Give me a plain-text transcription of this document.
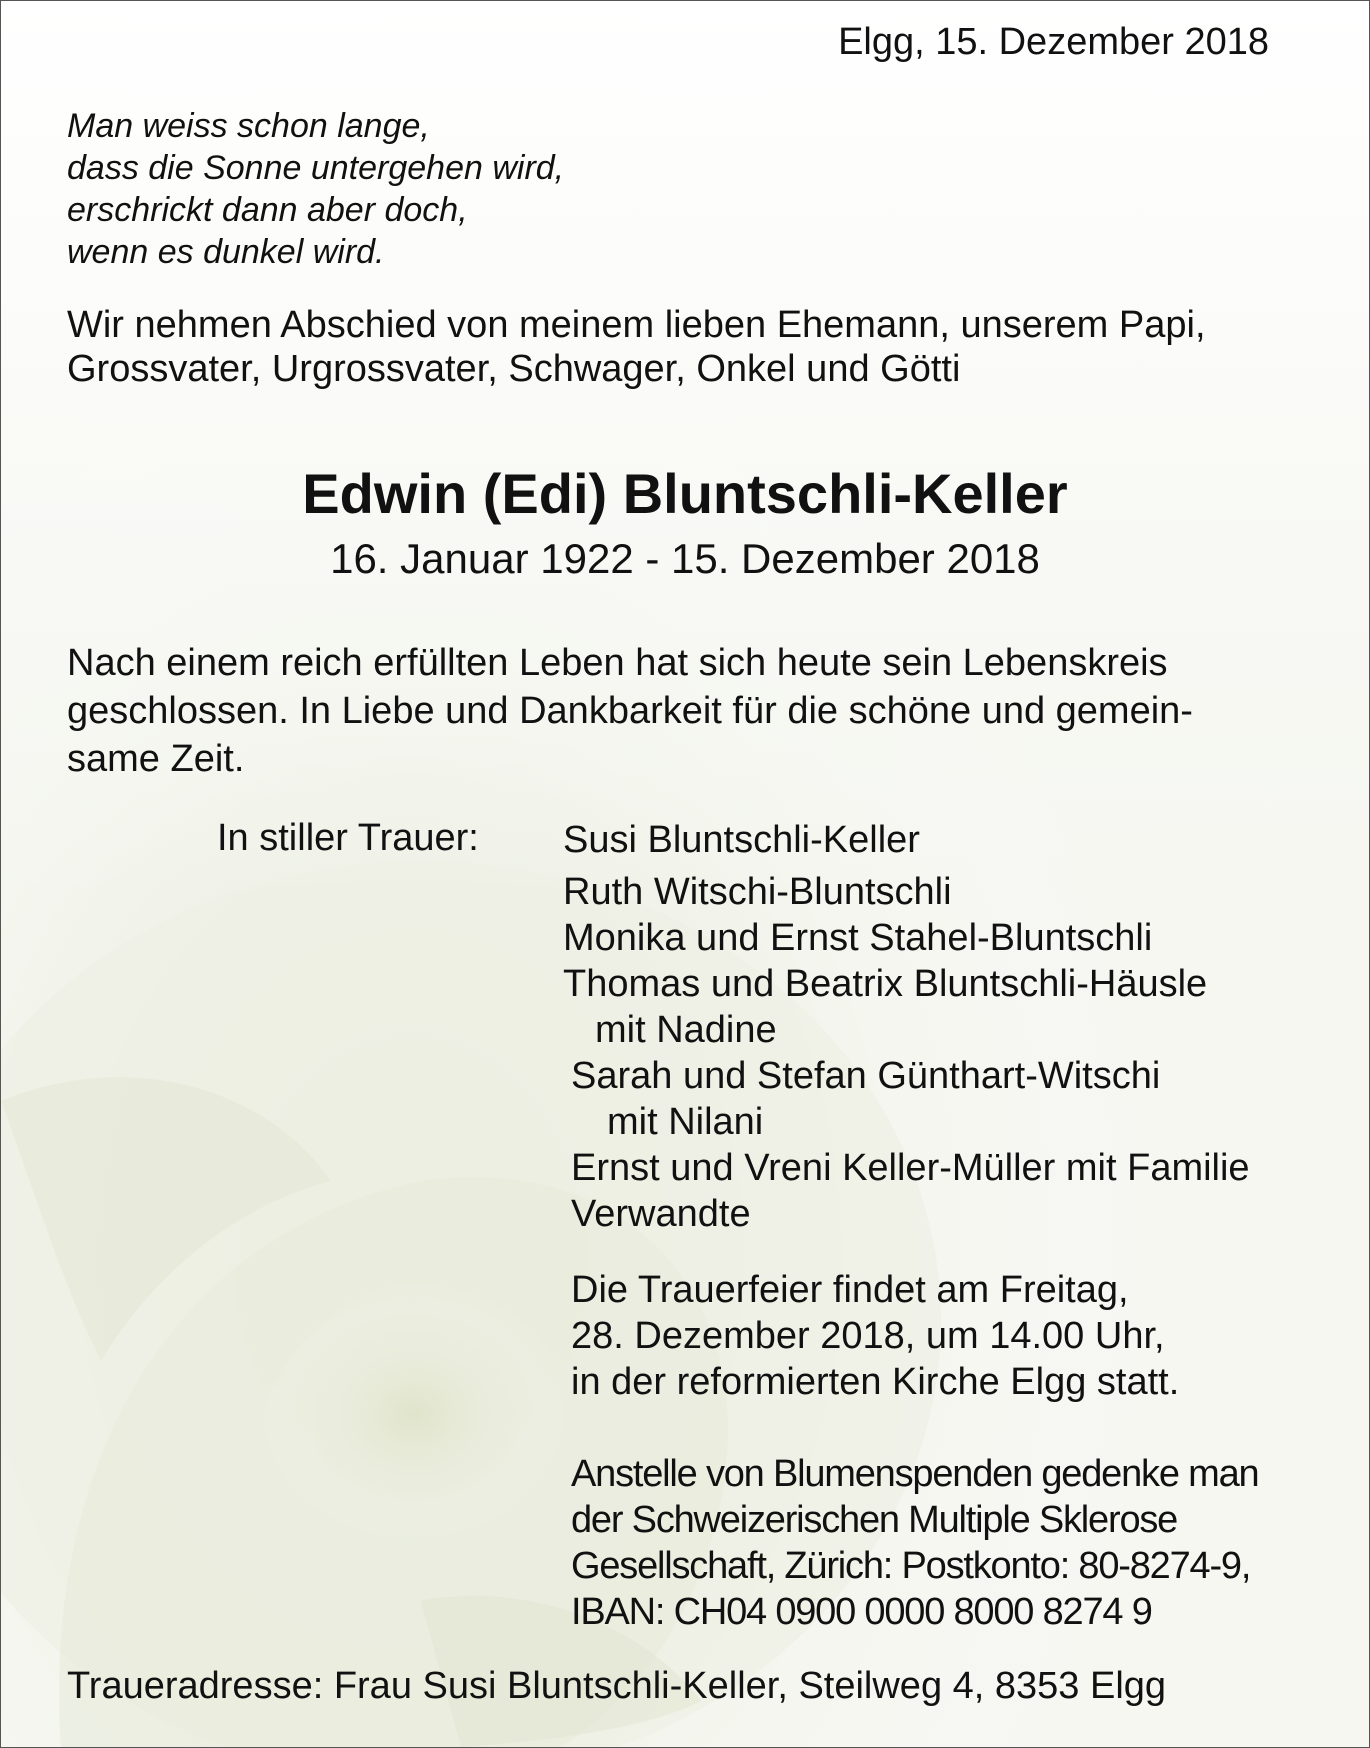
Elgg, 15. Dezember 2018
Man weiss schon lange,
dass die Sonne untergehen wird,
erschrickt dann aber doch,
wenn es dunkel wird.
Wir nehmen Abschied von meinem lieben Ehemann, unserem Papi,
Grossvater, Urgrossvater, Schwager, Onkel und Götti
Edwin (Edi) Bluntschli-Keller
16. Januar 1922 - 15. Dezember 2018
Nach einem reich erfüllten Leben hat sich heute sein Lebenskreis
geschlossen. In Liebe und Dankbarkeit für die schöne und gemein-
same Zeit.
In stiller Trauer: Susi Bluntschli-Keller
Ruth Witschi-Bluntschli
Monika und Ernst Stahel-Bluntschli
Thomas und Beatrix Bluntschli-Häusle
mit Nadine
Sarah und Stefan Günthart-Witschi
mit Nilani
Ernst und Vreni Keller-Müller mit Familie
Verwandte
Die Trauerfeier findet am Freitag,
28. Dezember 2018, um 14.00 Uhr,
in der reformierten Kirche Elgg statt.
Anstelle von Blumenspenden gedenke man
der Schweizerischen Multiple Sklerose
Gesellschaft, Zürich: Postkonto: 80-8274-9,
IBAN: CH04 0900 0000 8000 8274 9
Traueradresse: Frau Susi Bluntschli-Keller, Steilweg 4, 8353 Elgg
